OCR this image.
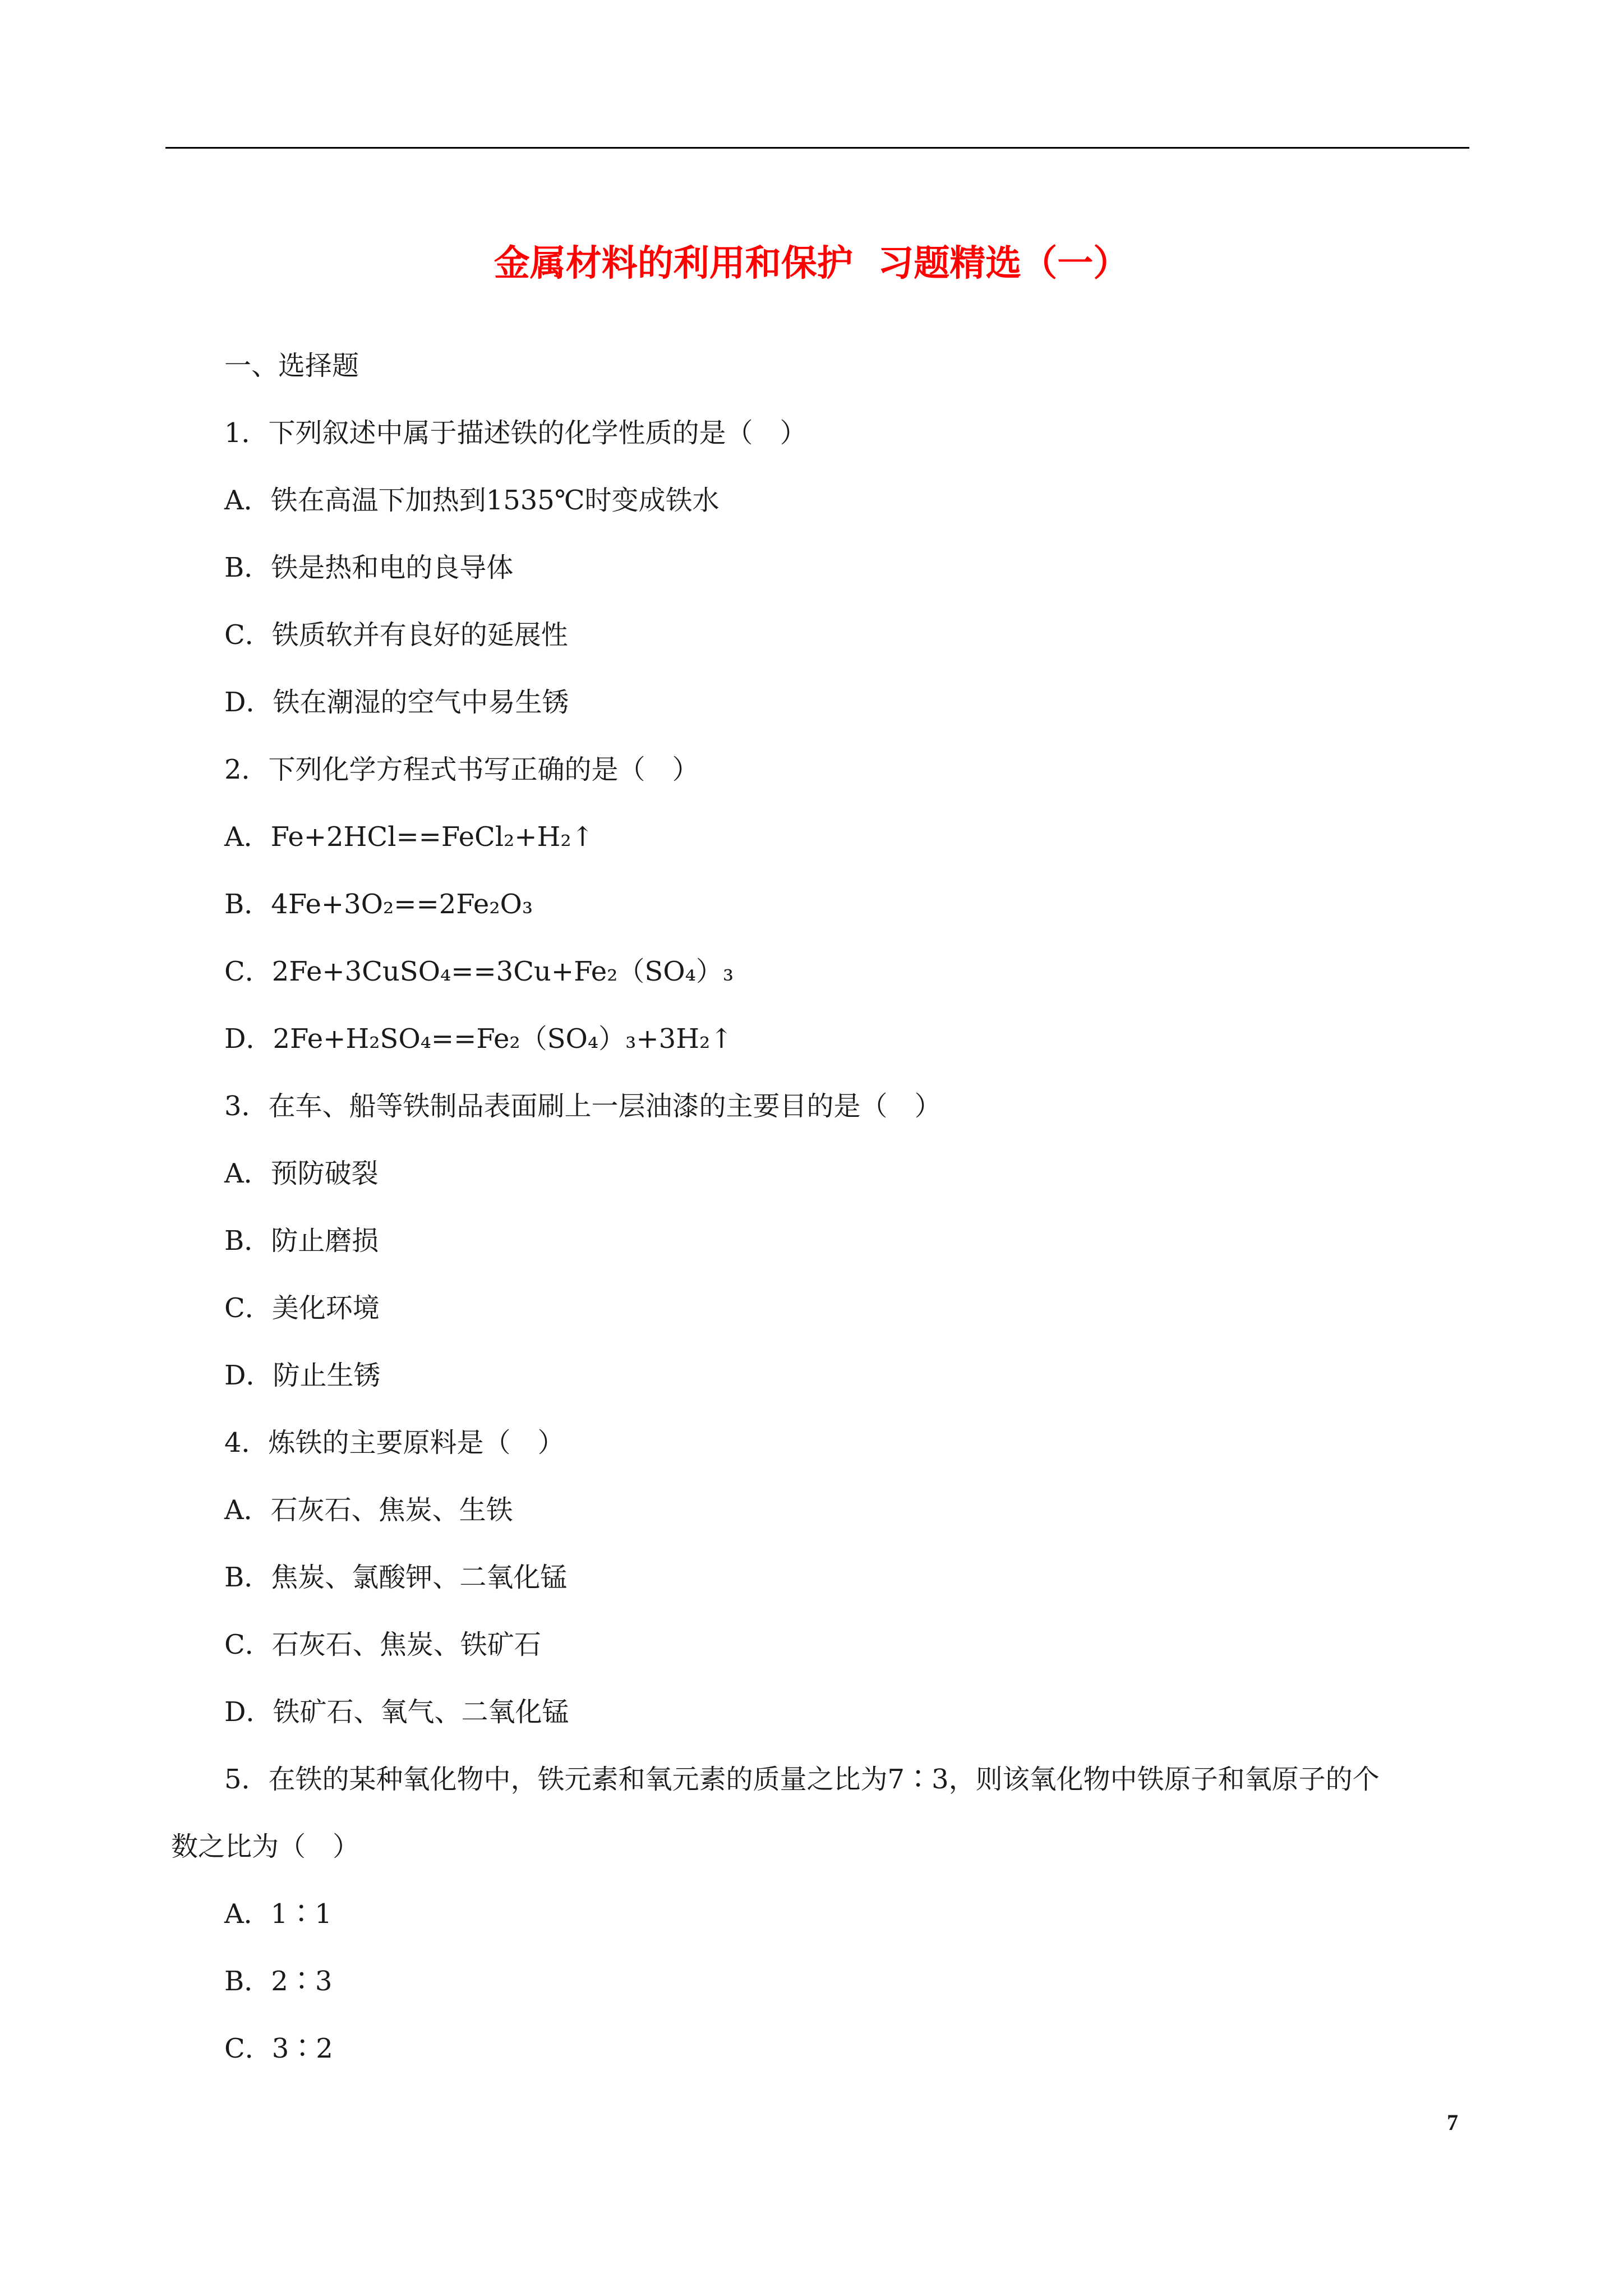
金属材料的利用和保护  习题精选（一）
一、选择题
1．下列叙述中属于描述铁的化学性质的是（　）
A．铁在高温下加热到1535℃时变成铁水
B．铁是热和电的良导体
C．铁质软并有良好的延展性
D．铁在潮湿的空气中易生锈
2．下列化学方程式书写正确的是（　）
A．Fe+2HCl==FeCl₂+H₂↑
B．4Fe+3O₂==2Fe₂O₃
C．2Fe+3CuSO₄==3Cu+Fe₂（SO₄）₃
D．2Fe+H₂SO₄==Fe₂（SO₄）₃+3H₂↑
3．在车、船等铁制品表面刷上一层油漆的主要目的是（　）
A．预防破裂
B．防止磨损
C．美化环境
D．防止生锈
4．炼铁的主要原料是（　）
A．石灰石、焦炭、生铁
B．焦炭、氯酸钾、二氧化锰
C．石灰石、焦炭、铁矿石
D．铁矿石、氧气、二氧化锰
5．在铁的某种氧化物中，铁元素和氧元素的质量之比为7∶3，则该氧化物中铁原子和氧原子的个
数之比为（　）
A．1∶1
B．2∶3
C．3∶2
7
